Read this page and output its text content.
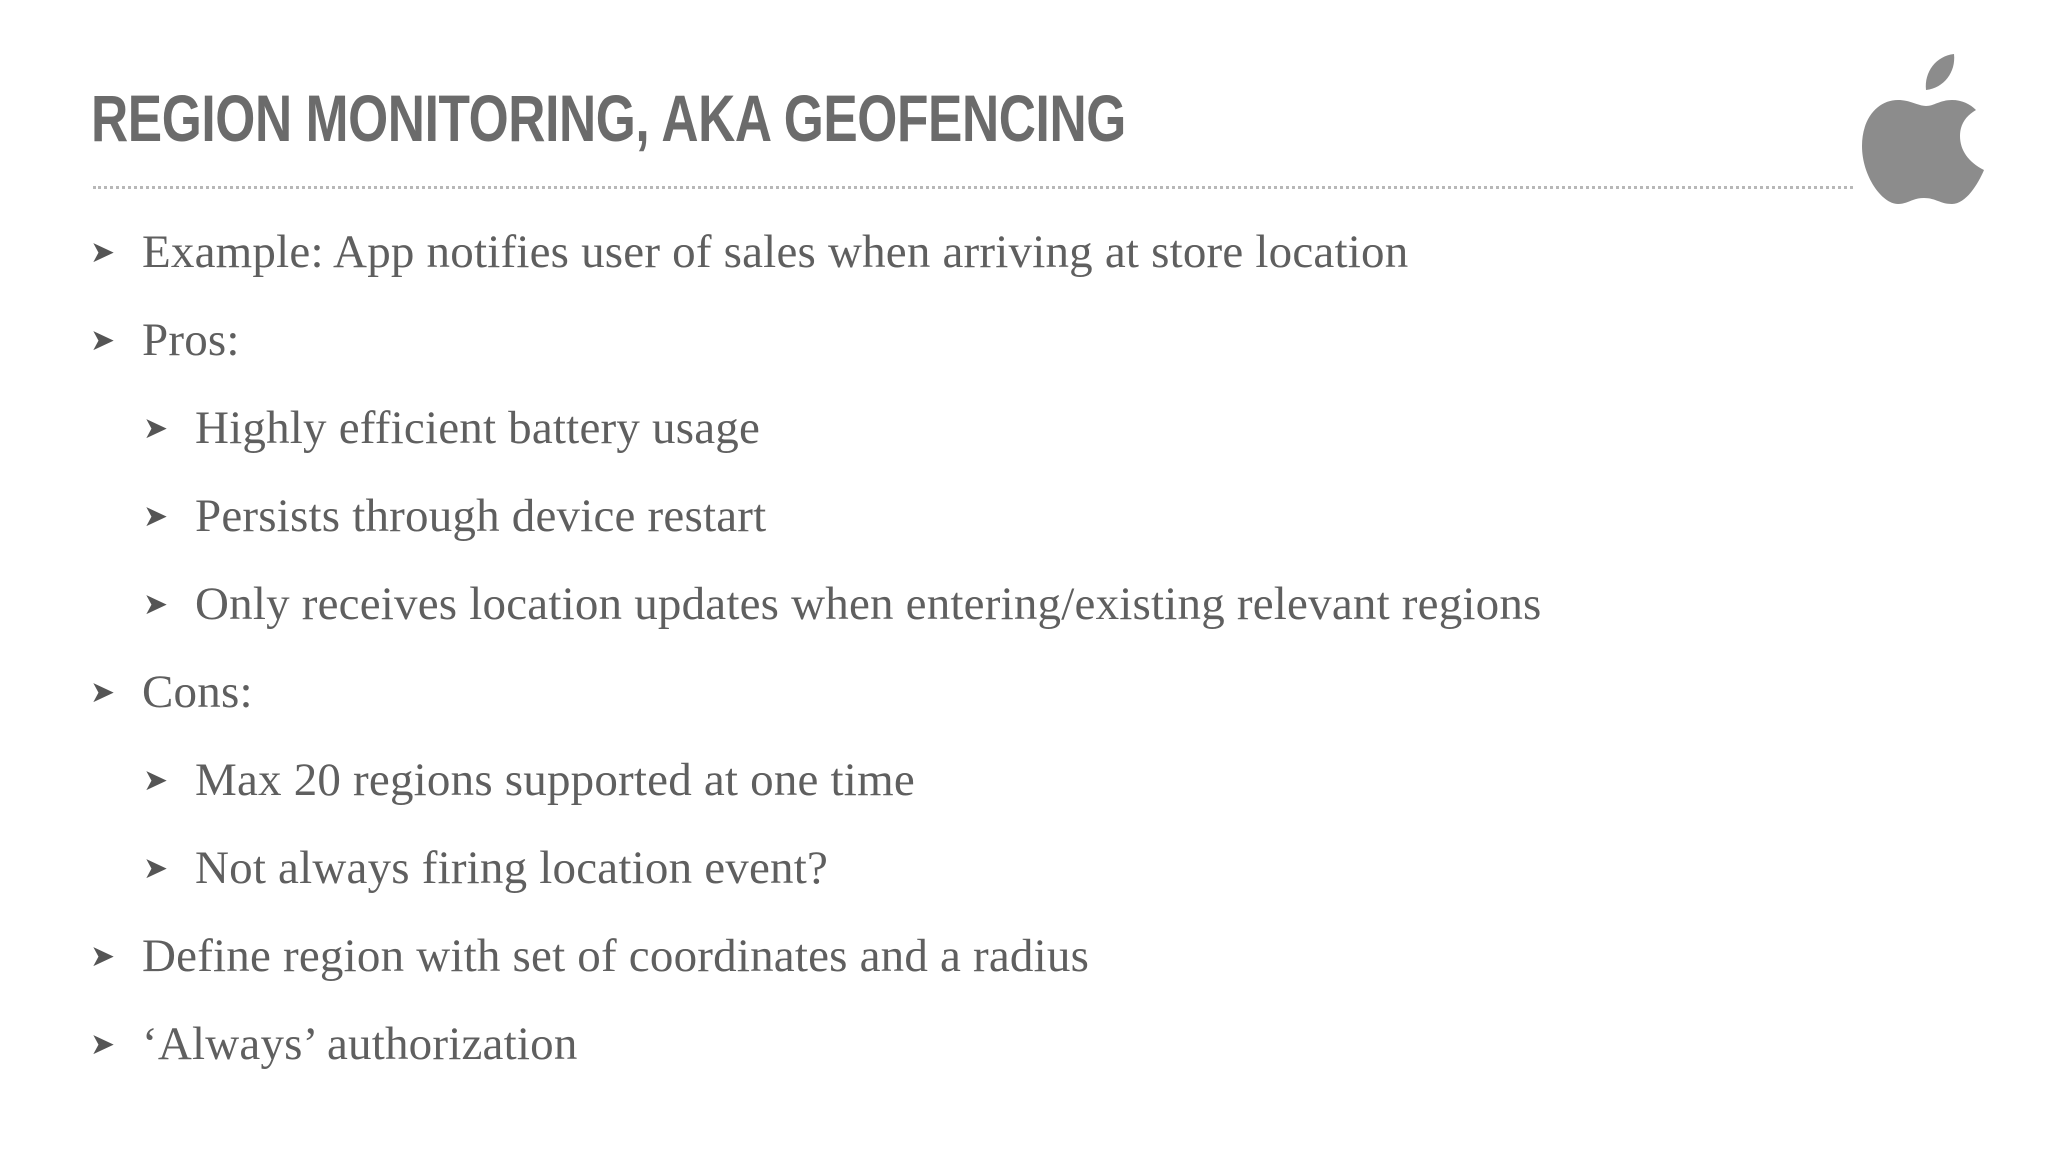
REGION MONITORING, AKA GEOFENCING
➤ Example: App notifies user of sales when arriving at store location
➤ Pros:
➤ Highly efficient battery usage
➤ Persists through device restart
➤ Only receives location updates when entering/existing relevant regions
➤ Cons:
➤ Max 20 regions supported at one time
➤ Not always firing location event?
➤ Define region with set of coordinates and a radius
➤ ‘Always’ authorization
